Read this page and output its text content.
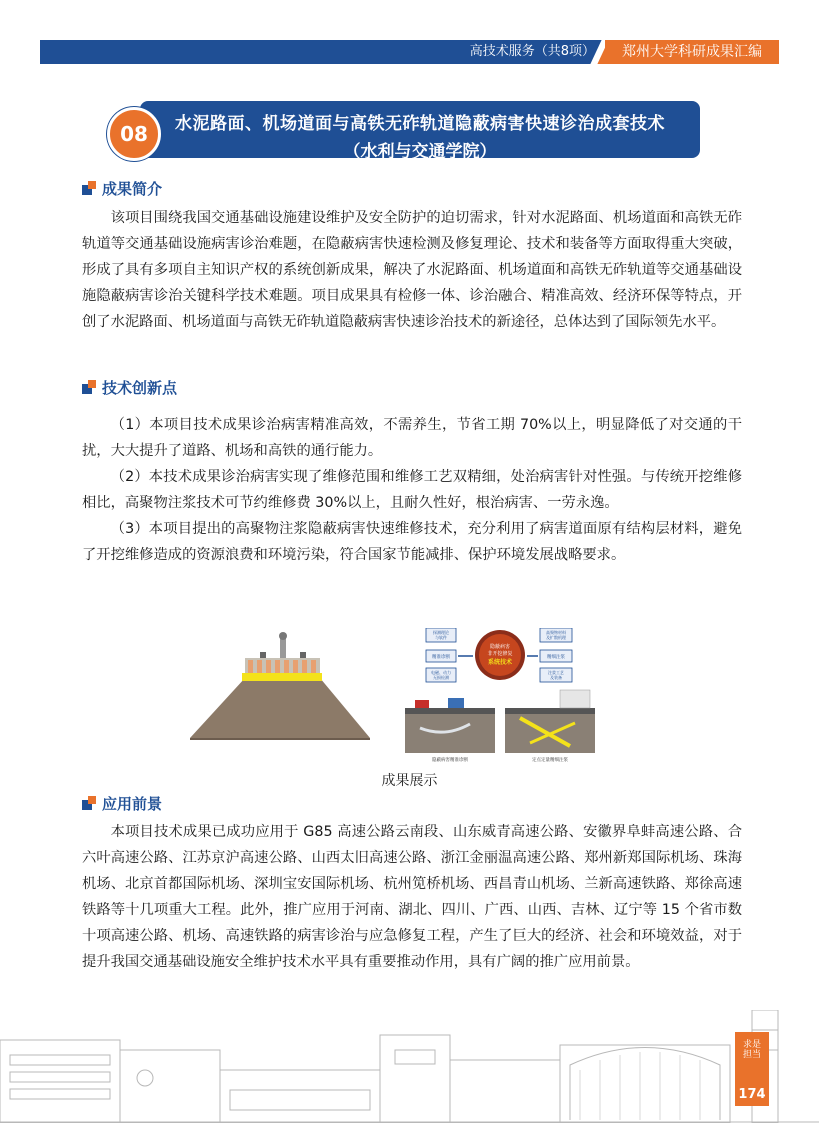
高技术服务（共8项）	郑州大学科研成果汇编
水泥路面、机场道面与高铁无砟轨道隐蔽病害快速诊治成套技术
（水利与交通学院）
08
成果简介

该项目围绕我国交通基础设施建设维护及安全防护的迫切需求，针对水泥路面、机场道面和高铁无砟轨道等交通基础设施病害诊治难题，在隐蔽病害快速检测及修复理论、技术和装备等方面取得重大突破，形成了具有多项自主知识产权的系统创新成果，解决了水泥路面、机场道面和高铁无砟轨道等交通基础设施隐蔽病害诊治关键科学技术难题。项目成果具有检修一体、诊治融合、精准高效、经济环保等特点，开创了水泥路面、机场道面与高铁无砟轨道隐蔽病害快速诊治技术的新途径，总体达到了国际领先水平。

技术创新点

（1）本项目技术成果诊治病害精准高效，不需养生，节省工期 70%以上，明显降低了对交通的干扰，大大提升了道路、机场和高铁的通行能力。

（2）本技术成果诊治病害实现了维修范围和维修工艺双精细，处治病害针对性强。与传统开挖维修相比，高聚物注浆技术可节约维修费 30%以上，且耐久性好，根治病害、一劳永逸。

（3）本项目提出的高聚物注浆隐蔽病害快速维修技术，充分利用了病害道面原有结构层材料，避免了开挖维修造成的资源浪费和环境污染，符合国家节能减排、保护环境发展战略要求。

探测理论
与软件
精准诊断
电磁、动力
无损检测
隐蔽病害
非开挖修复
系统技术
高聚物材料
及扩散机理
精细注浆
注浆工艺
及装备
隐蔽病害精准诊断	定点定量精细注浆
成果展示
应用前景

本项目技术成果已成功应用于 G85 高速公路云南段、山东威青高速公路、安徽界阜蚌高速公路、合六叶高速公路、江苏京沪高速公路、山西太旧高速公路、浙江金丽温高速公路、郑州新郑国际机场、珠海机场、北京首都国际机场、深圳宝安国际机场、杭州笕桥机场、西昌青山机场、兰新高速铁路、郑徐高速铁路等十几项重大工程。此外，推广应用于河南、湖北、四川、广西、山西、吉林、辽宁等 15 个省市数十项高速公路、机场、高速铁路的病害诊治与应急修复工程，产生了巨大的经济、社会和环境效益，对于提升我国交通基础设施安全维护技术水平具有重要推动作用，具有广阔的推广应用前景。

求是
担当
174
